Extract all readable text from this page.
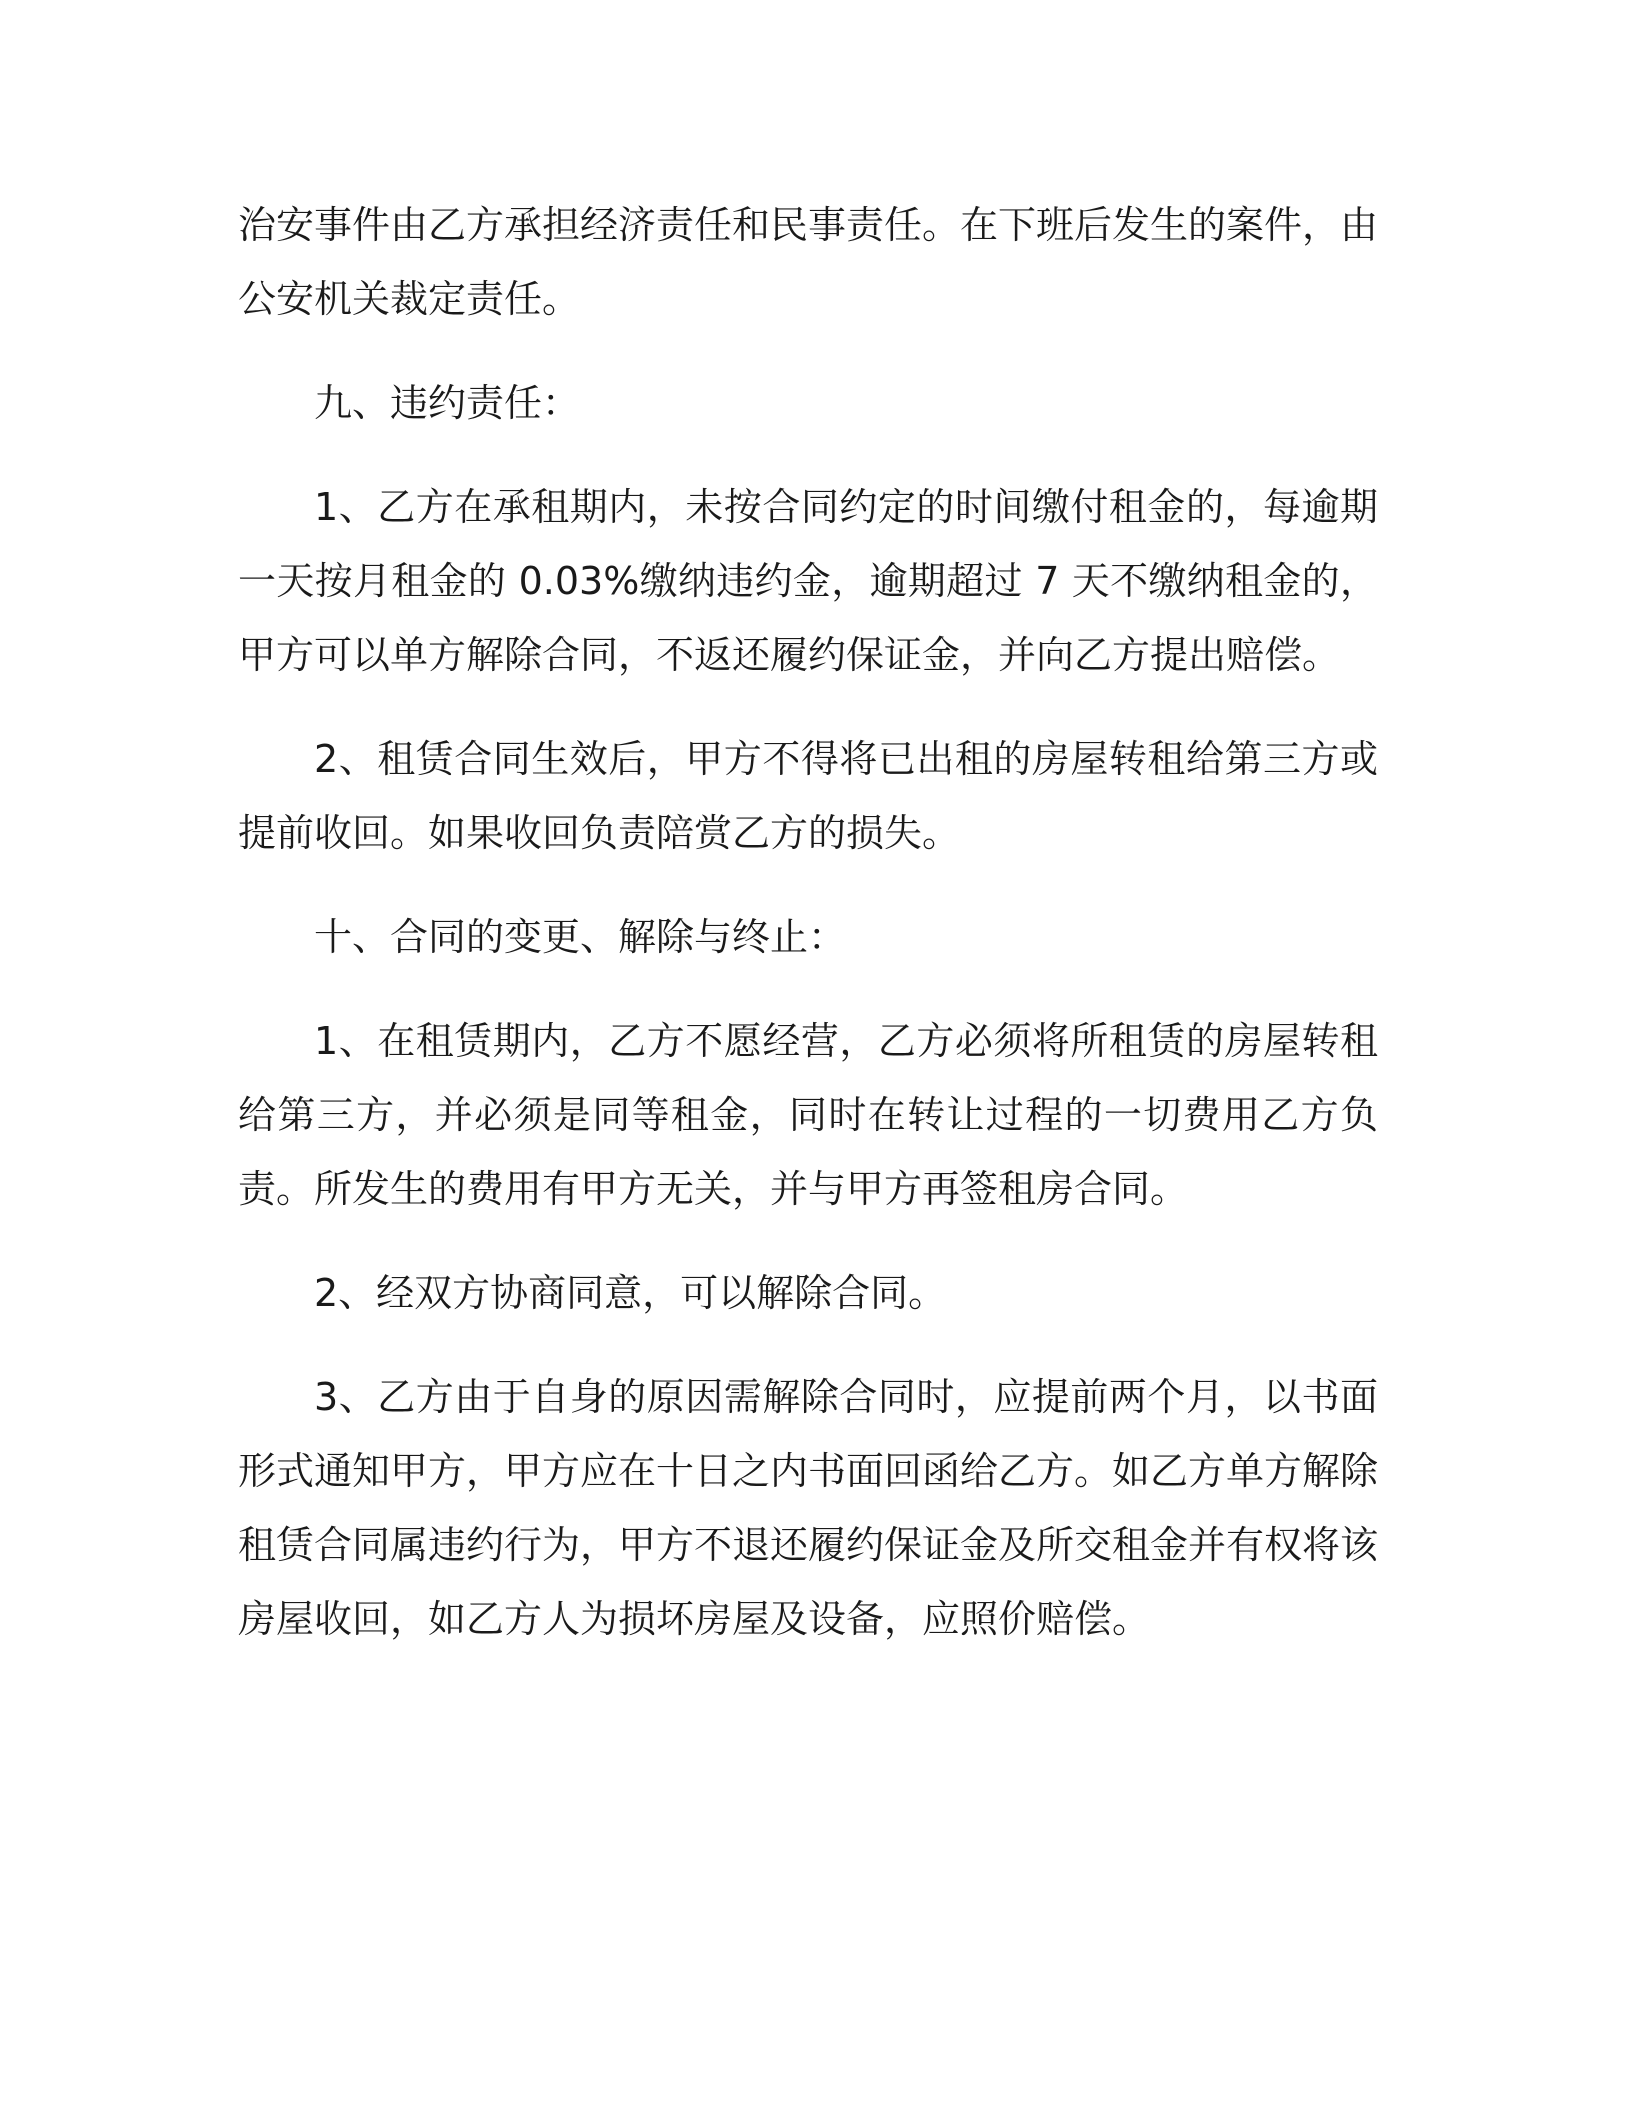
治安事件由乙方承担经济责任和民事责任。在下班后发生的案件，由公安机关裁定责任。

九、违约责任：

1、乙方在承租期内，未按合同约定的时间缴付租金的，每逾期一天按月租金的 0.03%缴纳违约金，逾期超过 7 天不缴纳租金的，甲方可以单方解除合同，不返还履约保证金，并向乙方提出赔偿。

2、租赁合同生效后，甲方不得将已出租的房屋转租给第三方或提前收回。如果收回负责陪赏乙方的损失。

十、合同的变更、解除与终止：

1、在租赁期内，乙方不愿经营，乙方必须将所租赁的房屋转租给第三方，并必须是同等租金，同时在转让过程的一切费用乙方负责。所发生的费用有甲方无关，并与甲方再签租房合同。

2、经双方协商同意，可以解除合同。

3、乙方由于自身的原因需解除合同时，应提前两个月，以书面形式通知甲方，甲方应在十日之内书面回函给乙方。如乙方单方解除租赁合同属违约行为，甲方不退还履约保证金及所交租金并有权将该房屋收回，如乙方人为损坏房屋及设备，应照价赔偿。
